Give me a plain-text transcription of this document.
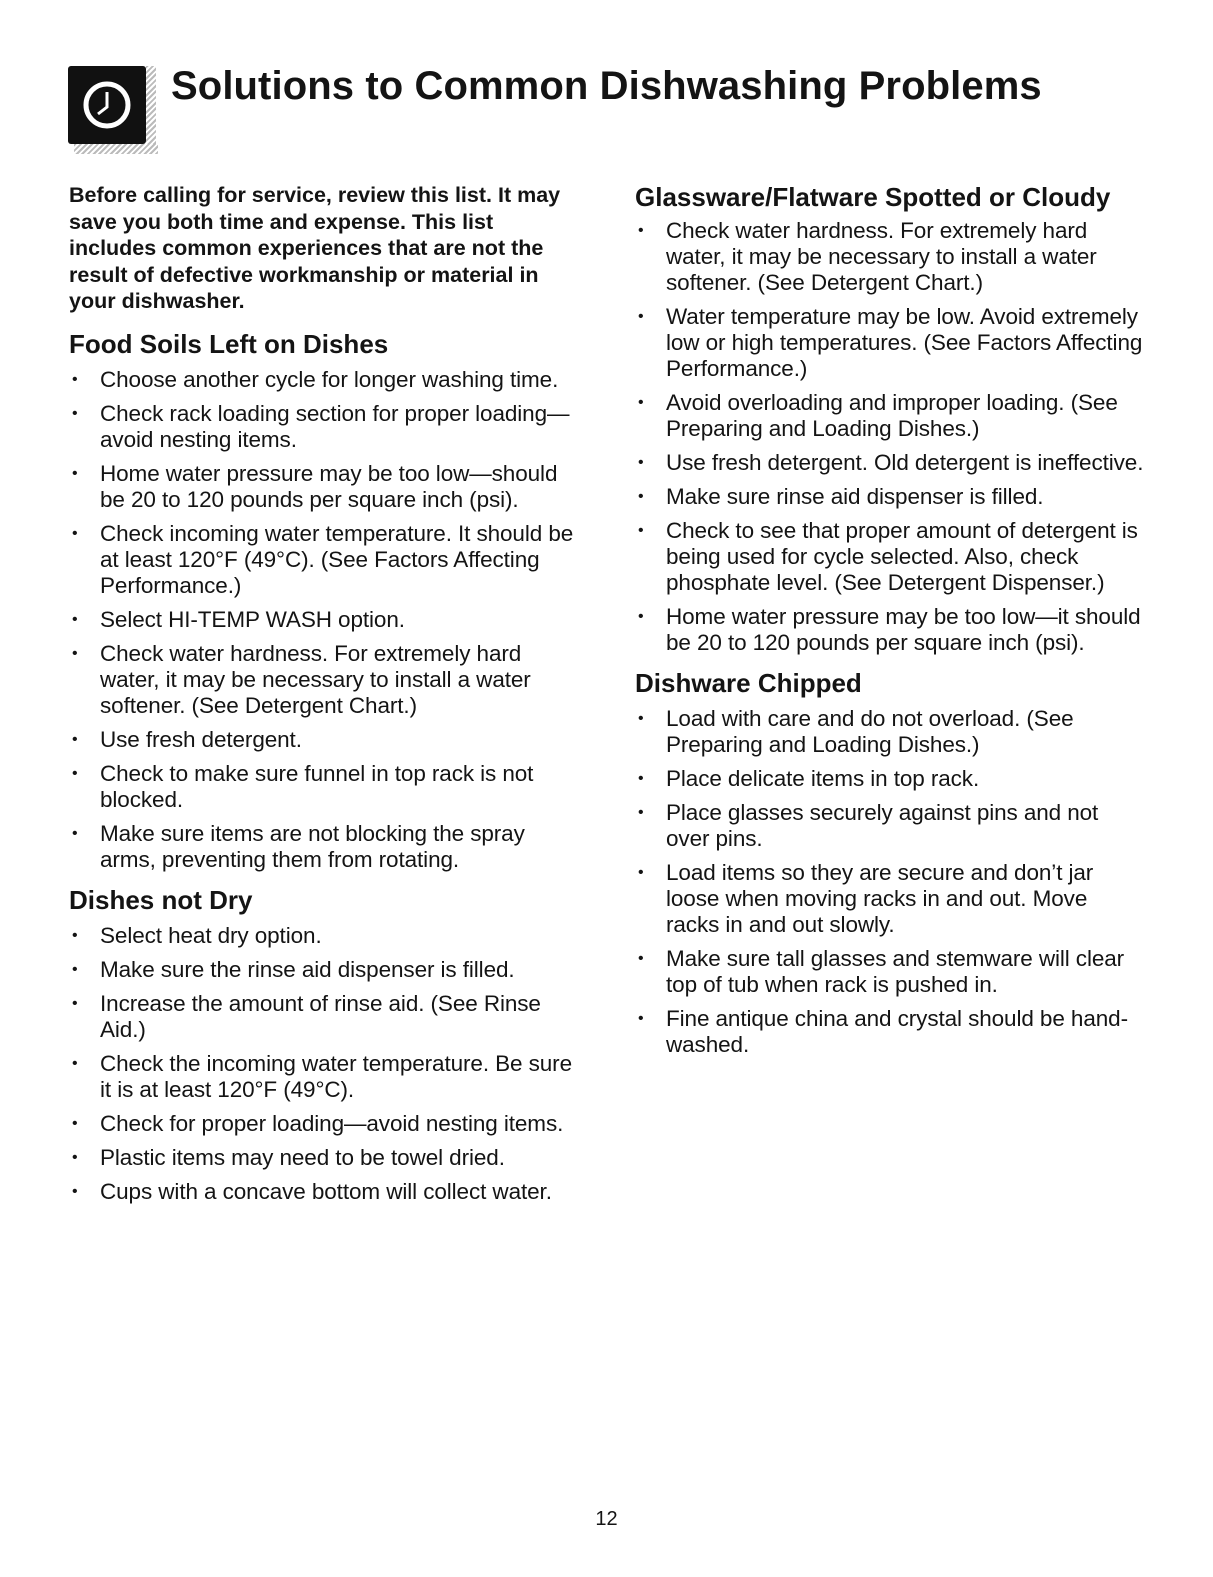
Solutions to Common Dishwashing Problems

Before calling for service, review this list. It may save you both time and expense. This list includes common experiences that are not the result of defective workmanship or material in your dishwasher.

Food Soils Left on Dishes
• Choose another cycle for longer washing time.
• Check rack loading section for proper loading—avoid nesting items.
• Home water pressure may be too low—should be 20 to 120 pounds per square inch (psi).
• Check incoming water temperature. It should be at least 120°F (49°C). (See Factors Affecting Performance.)
• Select HI-TEMP WASH option.
• Check water hardness. For extremely hard water, it may be necessary to install a water softener. (See Detergent Chart.)
• Use fresh detergent.
• Check to make sure funnel in top rack is not blocked.
• Make sure items are not blocking the spray arms, preventing them from rotating.
Dishes not Dry
• Select heat dry option.
• Make sure the rinse aid dispenser is filled.
• Increase the amount of rinse aid. (See Rinse Aid.)
• Check the incoming water temperature. Be sure it is at least 120°F (49°C).
• Check for proper loading—avoid nesting items.
• Plastic items may need to be towel dried.
• Cups with a concave bottom will collect water.
Glassware/Flatware Spotted or Cloudy
• Check water hardness. For extremely hard water, it may be necessary to install a water softener. (See Detergent Chart.)
• Water temperature may be low. Avoid extremely low or high temperatures. (See Factors Affecting Performance.)
• Avoid overloading and improper loading. (See Preparing and Loading Dishes.)
• Use fresh detergent. Old detergent is ineffective.
• Make sure rinse aid dispenser is filled.
• Check to see that proper amount of detergent is being used for cycle selected. Also, check phosphate level. (See Detergent Dispenser.)
• Home water pressure may be too low—it should be 20 to 120 pounds per square inch (psi).
Dishware Chipped
• Load with care and do not overload. (See Preparing and Loading Dishes.)
• Place delicate items in top rack.
• Place glasses securely against pins and not over pins.
• Load items so they are secure and don’t jar loose when moving racks in and out. Move racks in and out slowly.
• Make sure tall glasses and stemware will clear top of tub when rack is pushed in.
• Fine antique china and crystal should be hand-washed.
12
